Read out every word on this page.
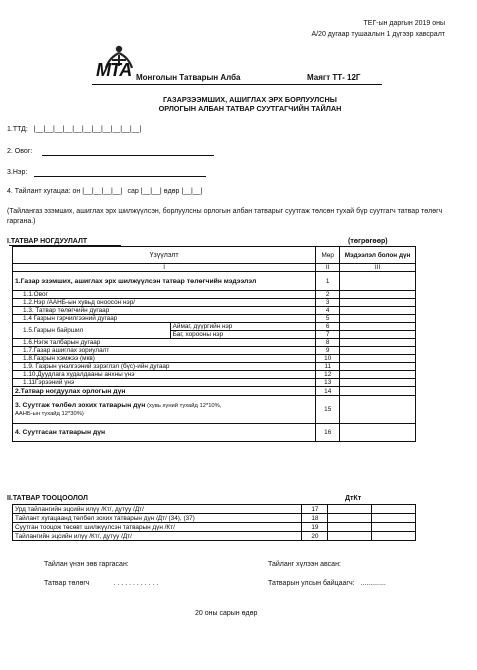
ТЕГ-ын даргын 2019 оны
А/20 дугаар тушаалын 1 дүгээр хавсралт
МТА Монголын Татварын Алба	Маягт ТТ- 12Г
ГАЗАРЗЭЭМШИХ, АШИГЛАХ ЭРХ БОРЛУУЛСНЫ
ОРЛОГЫН АЛБАН ТАТВАР СУУТГАГЧИЙН ТАЙЛАН
1.ТТД: |__|__|__|__|__|__|__|__|__|__|__|
2. Овог:
3.Нэр:
4. Тайлант хугацаа: он |__|__|__|__| сар |__|__| өдөр |__|__|
(Тайлангаз эзэмших, ашиглах эрх шилжүүлсэн, борлуулсны орлогын албан татварыг суутгаж төлсөн тухай бүр суутгагч татвар төлөгч гаргана.)
I.ТАТВАР НОГДУУЛАЛТ	(төгрөгөөр)
Үзүүлэлт		Мөр	Мэдээлэл болон дүн
I		II	III
1.Газар эзэмших, ашиглах эрх шилжүүлсэн татвар төлөгчийн мэдээлэл		1	
1.1.Овог		2	
1.2.Нэр /ААНБ-ын хувьд оноосон нэр/		3	
1.3. Татвар төлөгчийн дугаар		4	
1.4 Газрын гэрчилгээний дугаар		5	
1.5.Газрын байршил	Аймаг, дүүргийн нэр	6	
	Баг, хорооны нэр	7	
1.6.Нэгж талбарын дугаар		8	
1.7.Газар ашиглах зориулалт		9	
1.8.Газрын хэмжээ (мкв)		10	
1.9. Газрын үнэлгээний зэрэглэл (бүс)-ийн дугаар		11	
1.10.Дуудлага худалдааны анхны үнэ		12	
1.11Гэрээний үнэ		13	
2.Татвар ногдуулах орлогын дүн		14	
3. Суутгаж төлбөл зохих татварын дүн (хувь хүний тухайд 12*10%,
ААНБ-ын тухайд 12*30%)		15	
4. Суутгасан татварын дүн		16	
II.ТАТВАР ТООЦООЛОЛ	ДтКт
Урд тайлангийн эцсийн илүү /Кт/, дутуу /Дт/	17		
Тайлант хугацаанд төлбөл зохих татварын дүн /Дт/ (34), (37)	18		
Суутган тооцож төсөвт шилжүүлсэн татварын дүн /Кт/	19		
Тайлангийн эцсийн илүү /Кт/, дутуу /Дт/	20		
Тайлан үнэн зөв гаргасан:	Тайланг хүлээн авсан:
Татвар төлөгч	. . . . . . . . . . . .	Татварын улсын байцаагч: .............
20 оны сарын өдөр
